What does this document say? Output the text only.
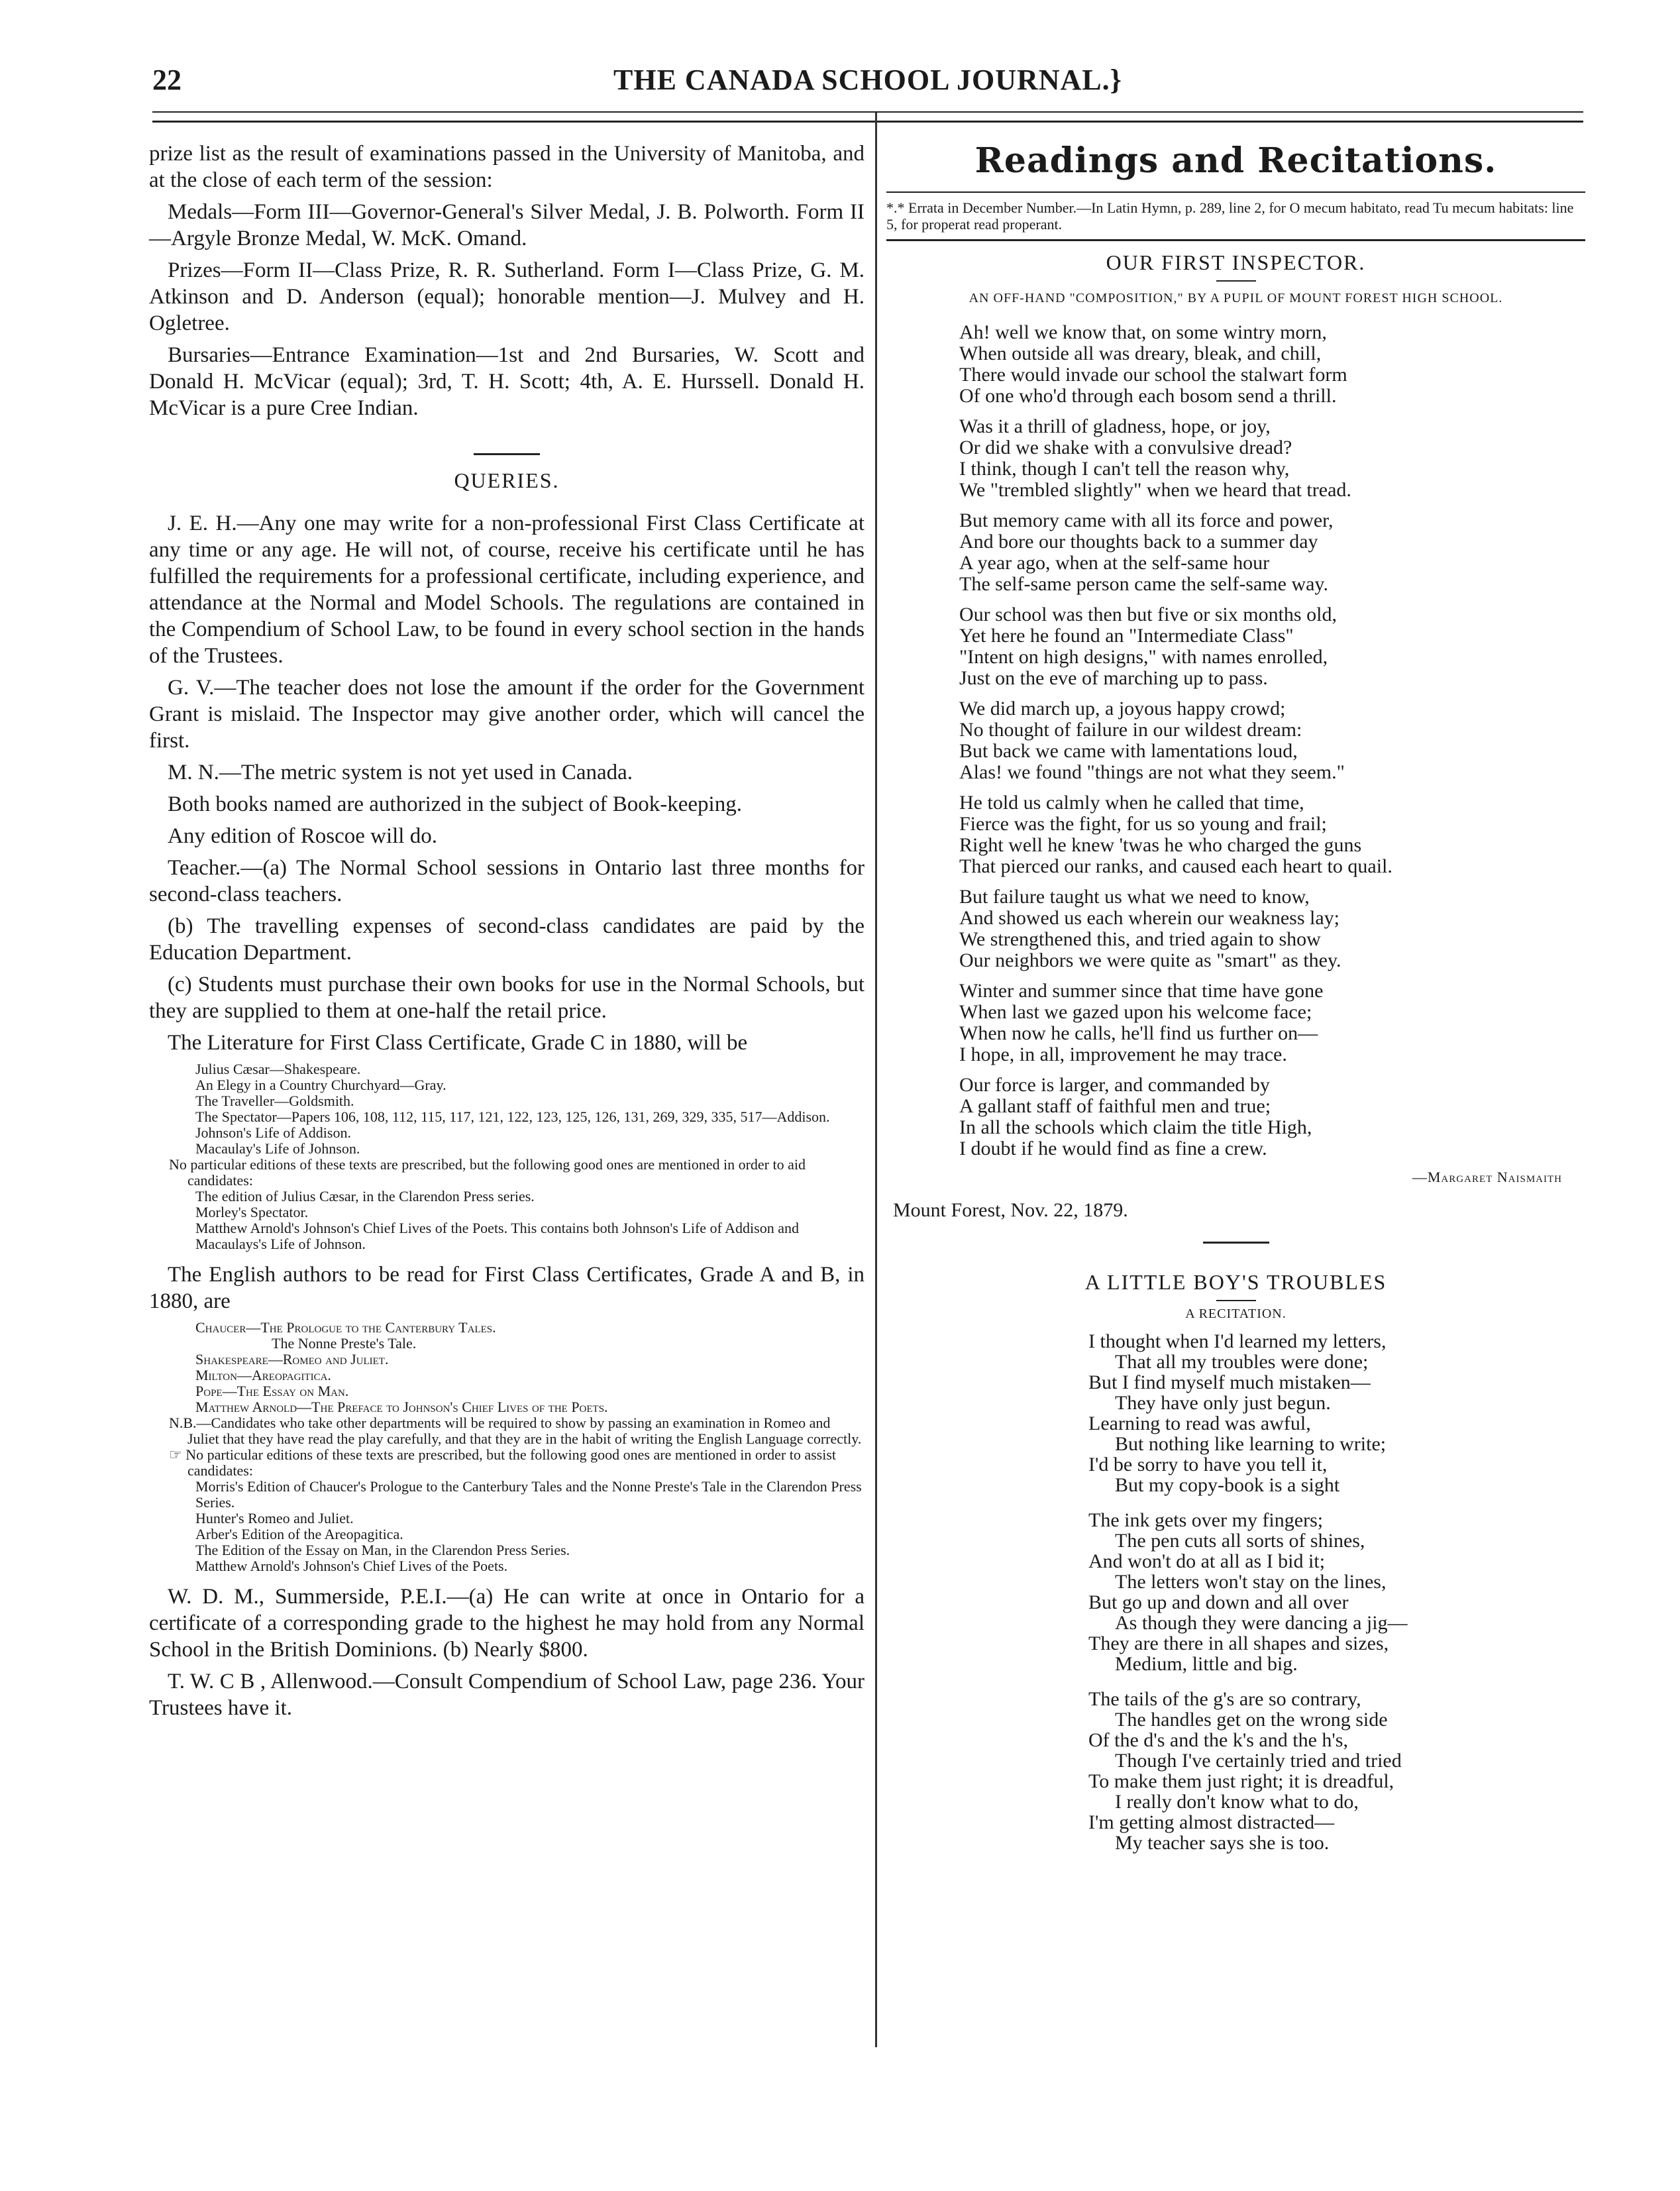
22	THE CANADA SCHOOL JOURNAL.}

prize list as the result of examinations passed in the University of Manitoba, and at the close of each term of the session:

Medals—Form III—Governor-General's Silver Medal, J. B. Polworth. Form II—Argyle Bronze Medal, W. McK. Omand.

Prizes—Form II—Class Prize, R. R. Sutherland. Form I—Class Prize, G. M. Atkinson and D. Anderson (equal); honorable mention—J. Mulvey and H. Ogletree.

Bursaries—Entrance Examination—1st and 2nd Bursaries, W. Scott and Donald H. McVicar (equal); 3rd, T. H. Scott; 4th, A. E. Hurssell. Donald H. McVicar is a pure Cree Indian.

QUERIES.

J. E. H.—Any one may write for a non-professional First Class Certificate at any time or any age. He will not, of course, receive his certificate until he has fulfilled the requirements for a professional certificate, including experience, and attendance at the Normal and Model Schools. The regulations are contained in the Compendium of School Law, to be found in every school section in the hands of the Trustees.

G. V.—The teacher does not lose the amount if the order for the Government Grant is mislaid. The Inspector may give another order, which will cancel the first.

M. N.—The metric system is not yet used in Canada.

Both books named are authorized in the subject of Book-keeping.

Any edition of Roscoe will do.

Teacher.—(a) The Normal School sessions in Ontario last three months for second-class teachers.

(b) The travelling expenses of second-class candidates are paid by the Education Department.

(c) Students must purchase their own books for use in the Normal Schools, but they are supplied to them at one-half the retail price.

The Literature for First Class Certificate, Grade C in 1880, will be

Julius Cæsar—Shakespeare.

An Elegy in a Country Churchyard—Gray.

The Traveller—Goldsmith.

The Spectator—Papers 106, 108, 112, 115, 117, 121, 122, 123, 125, 126, 131, 269, 329, 335, 517—Addison.

Johnson's Life of Addison.

Macaulay's Life of Johnson.

No particular editions of these texts are prescribed, but the following good ones are mentioned in order to aid candidates:

The edition of Julius Cæsar, in the Clarendon Press series.

Morley's Spectator.

Matthew Arnold's Johnson's Chief Lives of the Poets. This contains both Johnson's Life of Addison and Macaulays's Life of Johnson.

The English authors to be read for First Class Certificates, Grade A and B, in 1880, are

Chaucer—The Prologue to the Canterbury Tales.

The Nonne Preste's Tale.

Shakespeare—Romeo and Juliet.

Milton—Areopagitica.

Pope—The Essay on Man.

Matthew Arnold—The Preface to Johnson's Chief Lives of the Poets.

N.B.—Candidates who take other departments will be required to show by passing an examination in Romeo and Juliet that they have read the play carefully, and that they are in the habit of writing the English Language correctly.

☞ No particular editions of these texts are prescribed, but the following good ones are mentioned in order to assist candidates:

Morris's Edition of Chaucer's Prologue to the Canterbury Tales and the Nonne Preste's Tale in the Clarendon Press Series.

Hunter's Romeo and Juliet.

Arber's Edition of the Areopagitica.

The Edition of the Essay on Man, in the Clarendon Press Series.

Matthew Arnold's Johnson's Chief Lives of the Poets.

W. D. M., Summerside, P.E.I.—(a) He can write at once in Ontario for a certificate of a corresponding grade to the highest he may hold from any Normal School in the British Dominions. (b) Nearly $800.

T. W. C B , Allenwood.—Consult Compendium of School Law, page 236. Your Trustees have it.

Readings and Recitations.

*.* Errata in December Number.—In Latin Hymn, p. 289, line 2, for O mecum habitato, read Tu mecum habitats: line 5, for properat read properant.

OUR FIRST INSPECTOR.
AN OFF-HAND "COMPOSITION," BY A PUPIL OF MOUNT FOREST HIGH SCHOOL.
Ah! well we know that, on some wintry morn,
When outside all was dreary, bleak, and chill,
There would invade our school the stalwart form
Of one who'd through each bosom send a thrill.
Was it a thrill of gladness, hope, or joy,
Or did we shake with a convulsive dread?
I think, though I can't tell the reason why,
We "trembled slightly" when we heard that tread.
But memory came with all its force and power,
And bore our thoughts back to a summer day
A year ago, when at the self-same hour
The self-same person came the self-same way.
Our school was then but five or six months old,
Yet here he found an "Intermediate Class"
"Intent on high designs," with names enrolled,
Just on the eve of marching up to pass.
We did march up, a joyous happy crowd;
No thought of failure in our wildest dream:
But back we came with lamentations loud,
Alas! we found "things are not what they seem."
He told us calmly when he called that time,
Fierce was the fight, for us so young and frail;
Right well he knew 'twas he who charged the guns
That pierced our ranks, and caused each heart to quail.
But failure taught us what we need to know,
And showed us each wherein our weakness lay;
We strengthened this, and tried again to show
Our neighbors we were quite as "smart" as they.
Winter and summer since that time have gone
When last we gazed upon his welcome face;
When now he calls, he'll find us further on—
I hope, in all, improvement he may trace.
Our force is larger, and commanded by
A gallant staff of faithful men and true;
In all the schools which claim the title High,
I doubt if he would find as fine a crew.
—Margaret Naismaith
Mount Forest, Nov. 22, 1879.
A LITTLE BOY'S TROUBLES
A RECITATION.
I thought when I'd learned my letters,
That all my troubles were done;
But I find myself much mistaken—
They have only just begun.
Learning to read was awful,
But nothing like learning to write;
I'd be sorry to have you tell it,
But my copy-book is a sight
The ink gets over my fingers;
The pen cuts all sorts of shines,
And won't do at all as I bid it;
The letters won't stay on the lines,
But go up and down and all over
As though they were dancing a jig—
They are there in all shapes and sizes,
Medium, little and big.
The tails of the g's are so contrary,
The handles get on the wrong side
Of the d's and the k's and the h's,
Though I've certainly tried and tried
To make them just right; it is dreadful,
I really don't know what to do,
I'm getting almost distracted—
My teacher says she is too.
